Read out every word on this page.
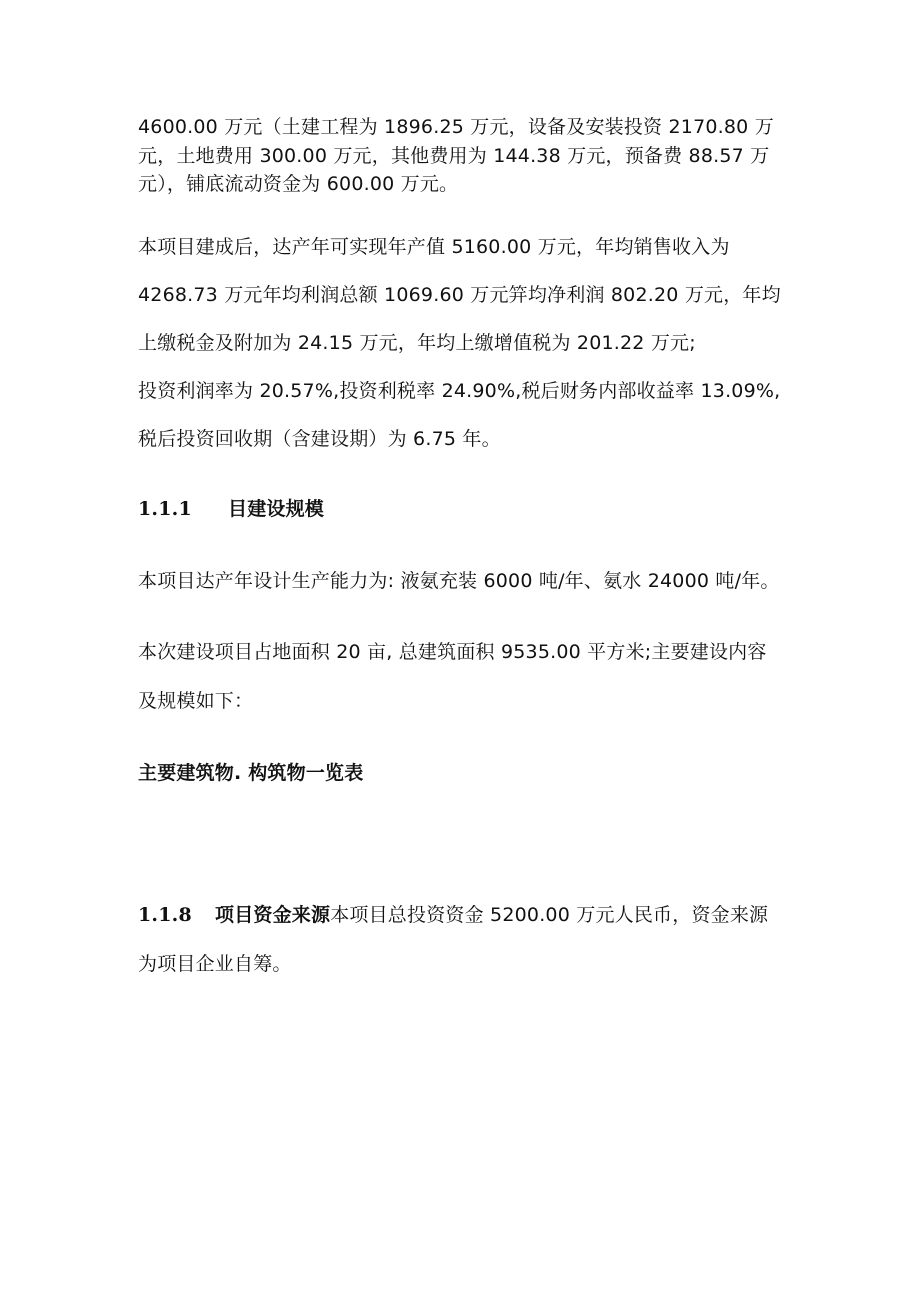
4600.00 万元（土建工程为 1896.25 万元，设备及安装投资 2170.80 万
元，土地费用 300.00 万元，其他费用为 144.38 万元，预备费 88.57 万
元），铺底流动资金为 600.00 万元。
本项目建成后，达产年可实现年产值 5160.00 万元，年均销售收入为
4268.73 万元年均利润总额 1069.60 万元笄均净利润 802.20 万元，年均
上缴税金及附加为 24.15 万元，年均上缴增值税为 201.22 万元;
投资利润率为 20.57%,投资利税率 24.90%,税后财务内部收益率 13.09%,
税后投资回收期（含建设期）为 6.75 年。
1.1.1 目建设规模
本项目达产年设计生产能力为: 液氨充装 6000 吨/年、氨水 24000 吨/年。
本次建设项目占地面积 20 亩, 总建筑面积 9535.00 平方米;主要建设内容
及规模如下：
主要建筑物. 构筑物一览表
1.1.8 项目资金来源本项目总投资资金 5200.00 万元人民币，资金来源
为项目企业自筹。
